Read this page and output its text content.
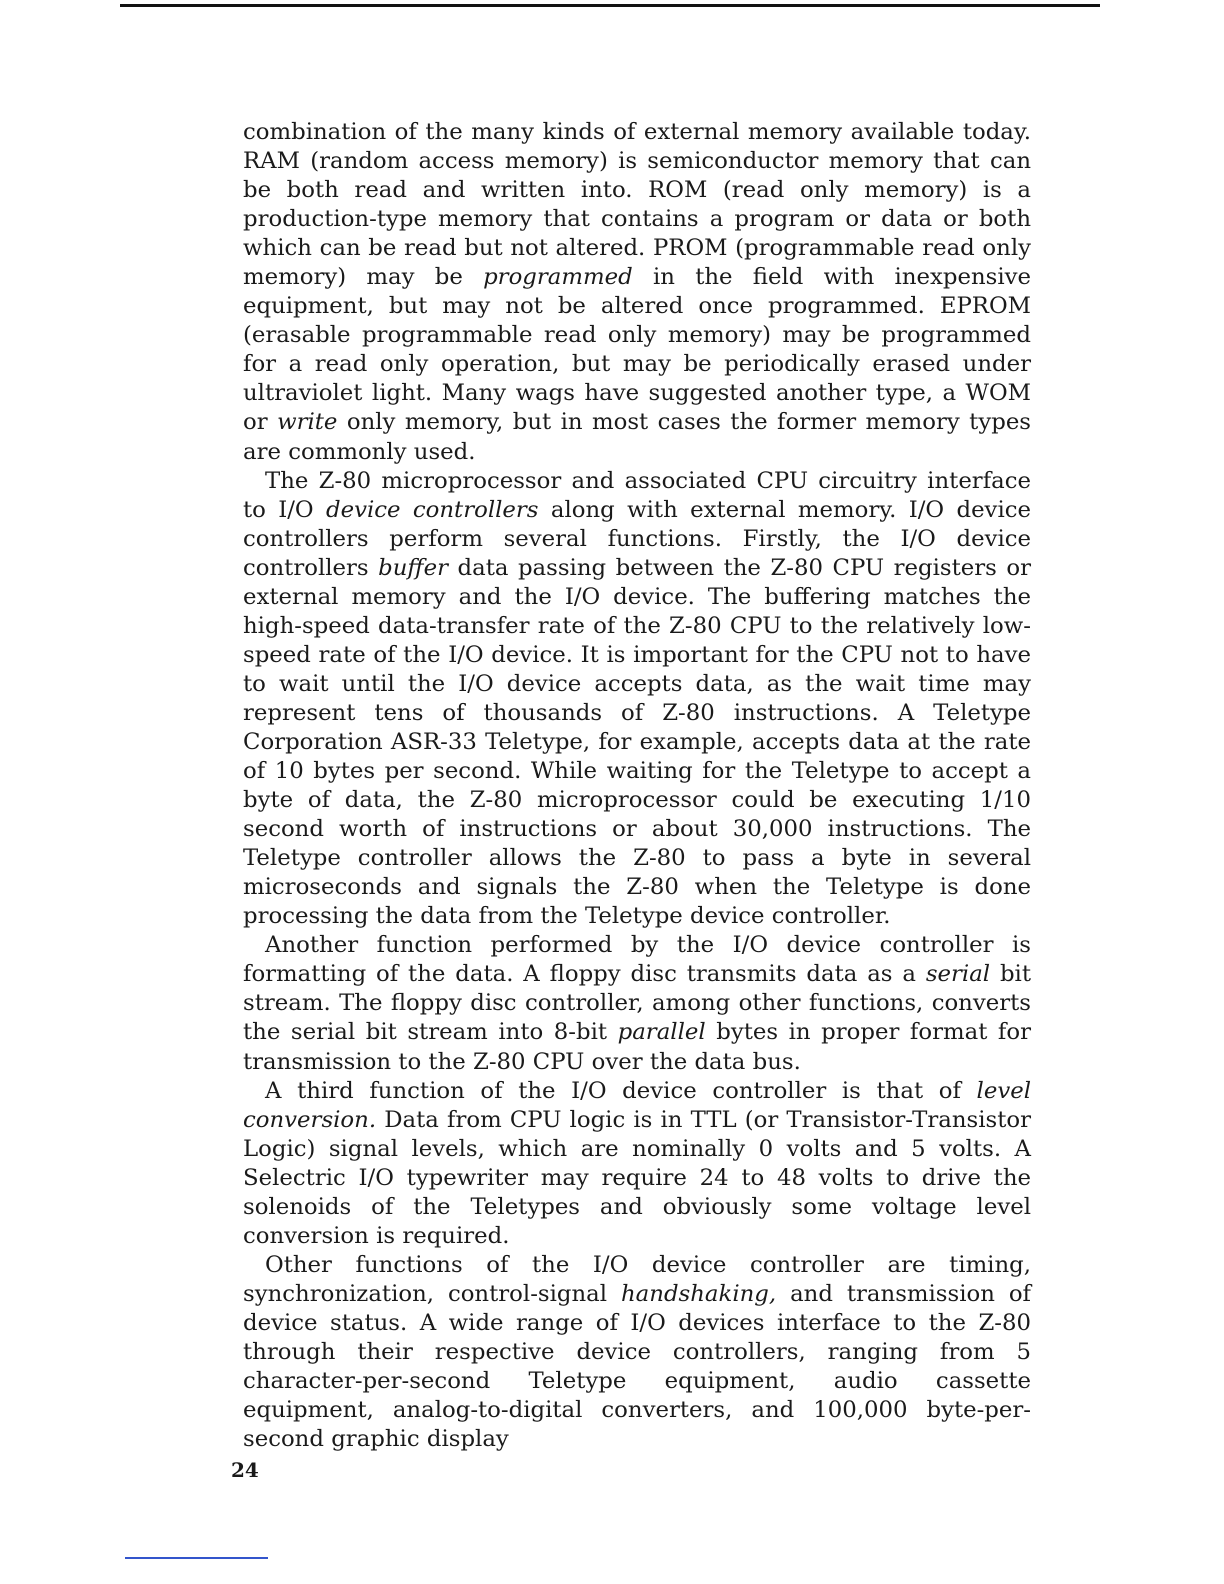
combination of the many kinds of external memory available today. RAM (random access memory) is semiconductor memory that can be both read and written into. ROM (read only memory) is a production-type memory that contains a program or data or both which can be read but not altered. PROM (programmable read only memory) may be programmed in the field with inexpensive equipment, but may not be altered once programmed. EPROM (erasable programmable read only memory) may be programmed for a read only operation, but may be periodically erased under ultraviolet light. Many wags have suggested another type, a WOM or write only memory, but in most cases the former memory types are commonly used.

The Z-80 microprocessor and associated CPU circuitry interface to I/O device controllers along with external memory. I/O device controllers perform several functions. Firstly, the I/O device controllers buffer data passing between the Z-80 CPU registers or external memory and the I/O device. The buffering matches the high-speed data-transfer rate of the Z-80 CPU to the relatively low-speed rate of the I/O device. It is important for the CPU not to have to wait until the I/O device accepts data, as the wait time may represent tens of thousands of Z-80 instructions. A Teletype Corporation ASR-33 Teletype, for example, accepts data at the rate of 10 bytes per second. While waiting for the Teletype to accept a byte of data, the Z-80 microprocessor could be executing 1/10 second worth of instructions or about 30,000 instructions. The Teletype controller allows the Z-80 to pass a byte in several microseconds and signals the Z-80 when the Teletype is done processing the data from the Teletype device controller.

Another function performed by the I/O device controller is formatting of the data. A floppy disc transmits data as a serial bit stream. The floppy disc controller, among other functions, converts the serial bit stream into 8-bit parallel bytes in proper format for transmission to the Z-80 CPU over the data bus.

A third function of the I/O device controller is that of level conversion. Data from CPU logic is in TTL (or Transistor-Transistor Logic) signal levels, which are nominally 0 volts and 5 volts. A Selectric I/O typewriter may require 24 to 48 volts to drive the solenoids of the Teletypes and obviously some voltage level conversion is required.

Other functions of the I/O device controller are timing, synchronization, control-signal handshaking, and transmission of device status. A wide range of I/O devices interface to the Z-80 through their respective device controllers, ranging from 5 character-per-second Teletype equipment, audio cassette equipment, analog-to-digital converters, and 100,000 byte-per-second graphic display

24
